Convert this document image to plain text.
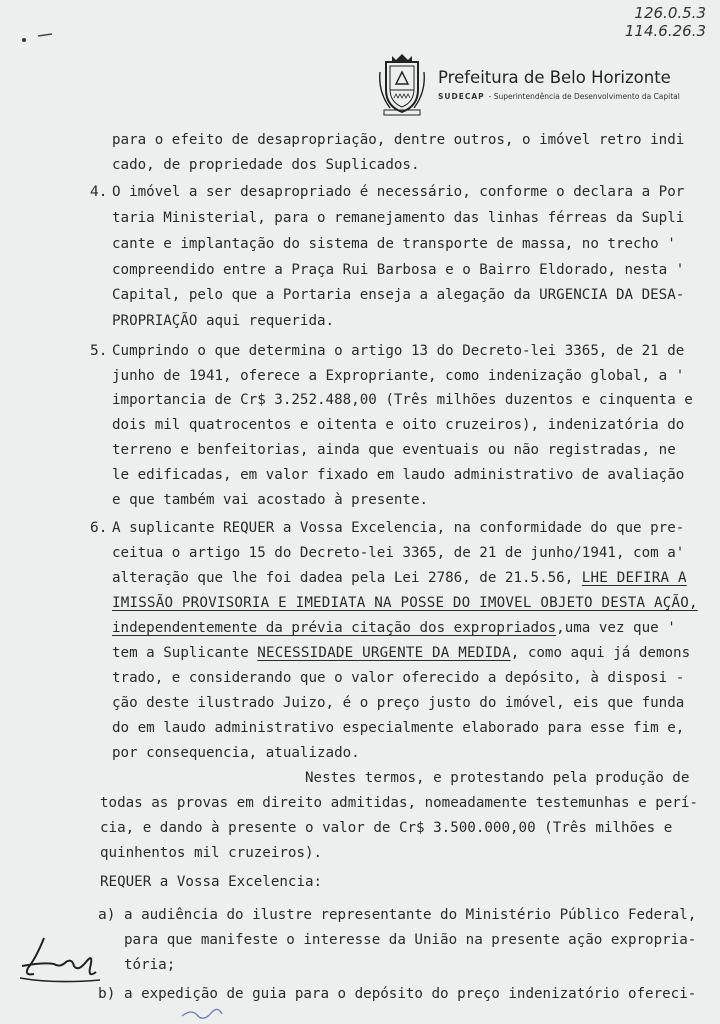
126.0.5.3
114.6.26.3
Prefeitura de Belo Horizonte
SUDECAP - Superintendência de Desenvolvimento da Capital
para o efeito de desapropriação, dentre outros, o imóvel retro indi
cado, de propriedade dos Suplicados.
4. O imóvel a ser desapropriado é necessário, conforme o declara a Por
taria Ministerial, para o remanejamento das linhas férreas da Supli
cante e implantação do sistema de transporte de massa, no trecho '
compreendido entre a Praça Rui Barbosa e o Bairro Eldorado, nesta '
Capital, pelo que a Portaria enseja a alegação da URGENCIA DA DESA-
PROPRIAÇÃO aqui requerida.
5. Cumprindo o que determina o artigo 13 do Decreto-lei 3365, de 21 de
junho de 1941, oferece a Expropriante, como indenização global, a '
importancia de Cr$ 3.252.488,00 (Três milhões duzentos e cinquenta e
dois mil quatrocentos e oitenta e oito cruzeiros), indenizatória do
terreno e benfeitorias, ainda que eventuais ou não registradas, ne
le edificadas, em valor fixado em laudo administrativo de avaliação
e que também vai acostado à presente.
6. A suplicante REQUER a Vossa Excelencia, na conformidade do que pre-
ceitua o artigo 15 do Decreto-lei 3365, de 21 de junho/1941, com a'
alteração que lhe foi dadea pela Lei 2786, de 21.5.56, LHE DEFIRA A
IMISSÃO PROVISORIA E IMEDIATA NA POSSE DO IMOVEL OBJETO DESTA AÇÃO,
independentemente da prévia citação dos expropriados,uma vez que '
tem a Suplicante NECESSIDADE URGENTE DA MEDIDA, como aqui já demons
trado, e considerando que o valor oferecido a depósito, à disposi -
ção deste ilustrado Juizo, é o preço justo do imóvel, eis que funda
do em laudo administrativo especialmente elaborado para esse fim e,
por consequencia, atualizado.
Nestes termos, e protestando pela produção de
todas as provas em direito admitidas, nomeadamente testemunhas e perí-
cia, e dando à presente o valor de Cr$ 3.500.000,00 (Três milhões e
quinhentos mil cruzeiros).
REQUER a Vossa Excelencia:
a) a audiência do ilustre representante do Ministério Público Federal,
para que manifeste o interesse da União na presente ação expropria-
tória;
b) a expedição de guia para o depósito do preço indenizatório oferеci-
